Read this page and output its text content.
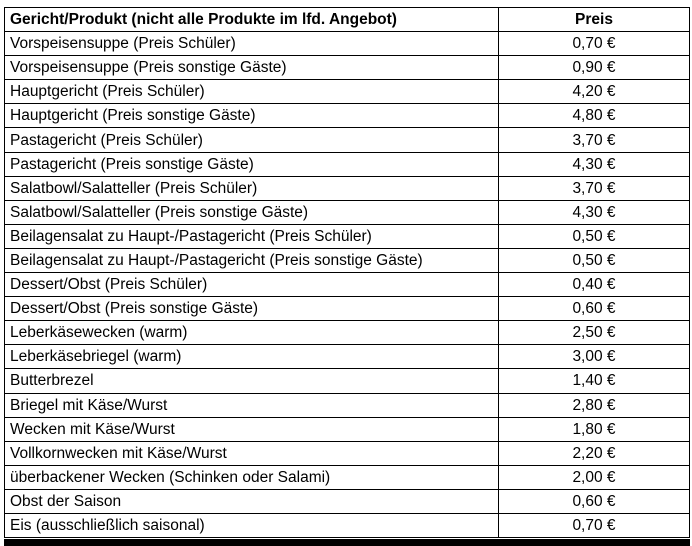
Gericht/Produkt (nicht alle Produkte im lfd. Angebot)	Preis
Vorspeisensuppe (Preis Schüler)	0,70 €
Vorspeisensuppe (Preis sonstige Gäste)	0,90 €
Hauptgericht (Preis Schüler)	4,20 €
Hauptgericht (Preis sonstige Gäste)	4,80 €
Pastagericht (Preis Schüler)	3,70 €
Pastagericht (Preis sonstige Gäste)	4,30 €
Salatbowl/Salatteller (Preis Schüler)	3,70 €
Salatbowl/Salatteller (Preis sonstige Gäste)	4,30 €
Beilagensalat zu Haupt-/Pastagericht (Preis Schüler)	0,50 €
Beilagensalat zu Haupt-/Pastagericht (Preis sonstige Gäste)	0,50 €
Dessert/Obst (Preis Schüler)	0,40 €
Dessert/Obst (Preis sonstige Gäste)	0,60 €
Leberkäsewecken (warm)	2,50 €
Leberkäsebriegel (warm)	3,00 €
Butterbrezel	1,40 €
Briegel mit Käse/Wurst	2,80 €
Wecken mit Käse/Wurst	1,80 €
Vollkornwecken mit Käse/Wurst	2,20 €
überbackener Wecken (Schinken oder Salami)	2,00 €
Obst der Saison	0,60 €
Eis (ausschließlich saisonal)	0,70 €
